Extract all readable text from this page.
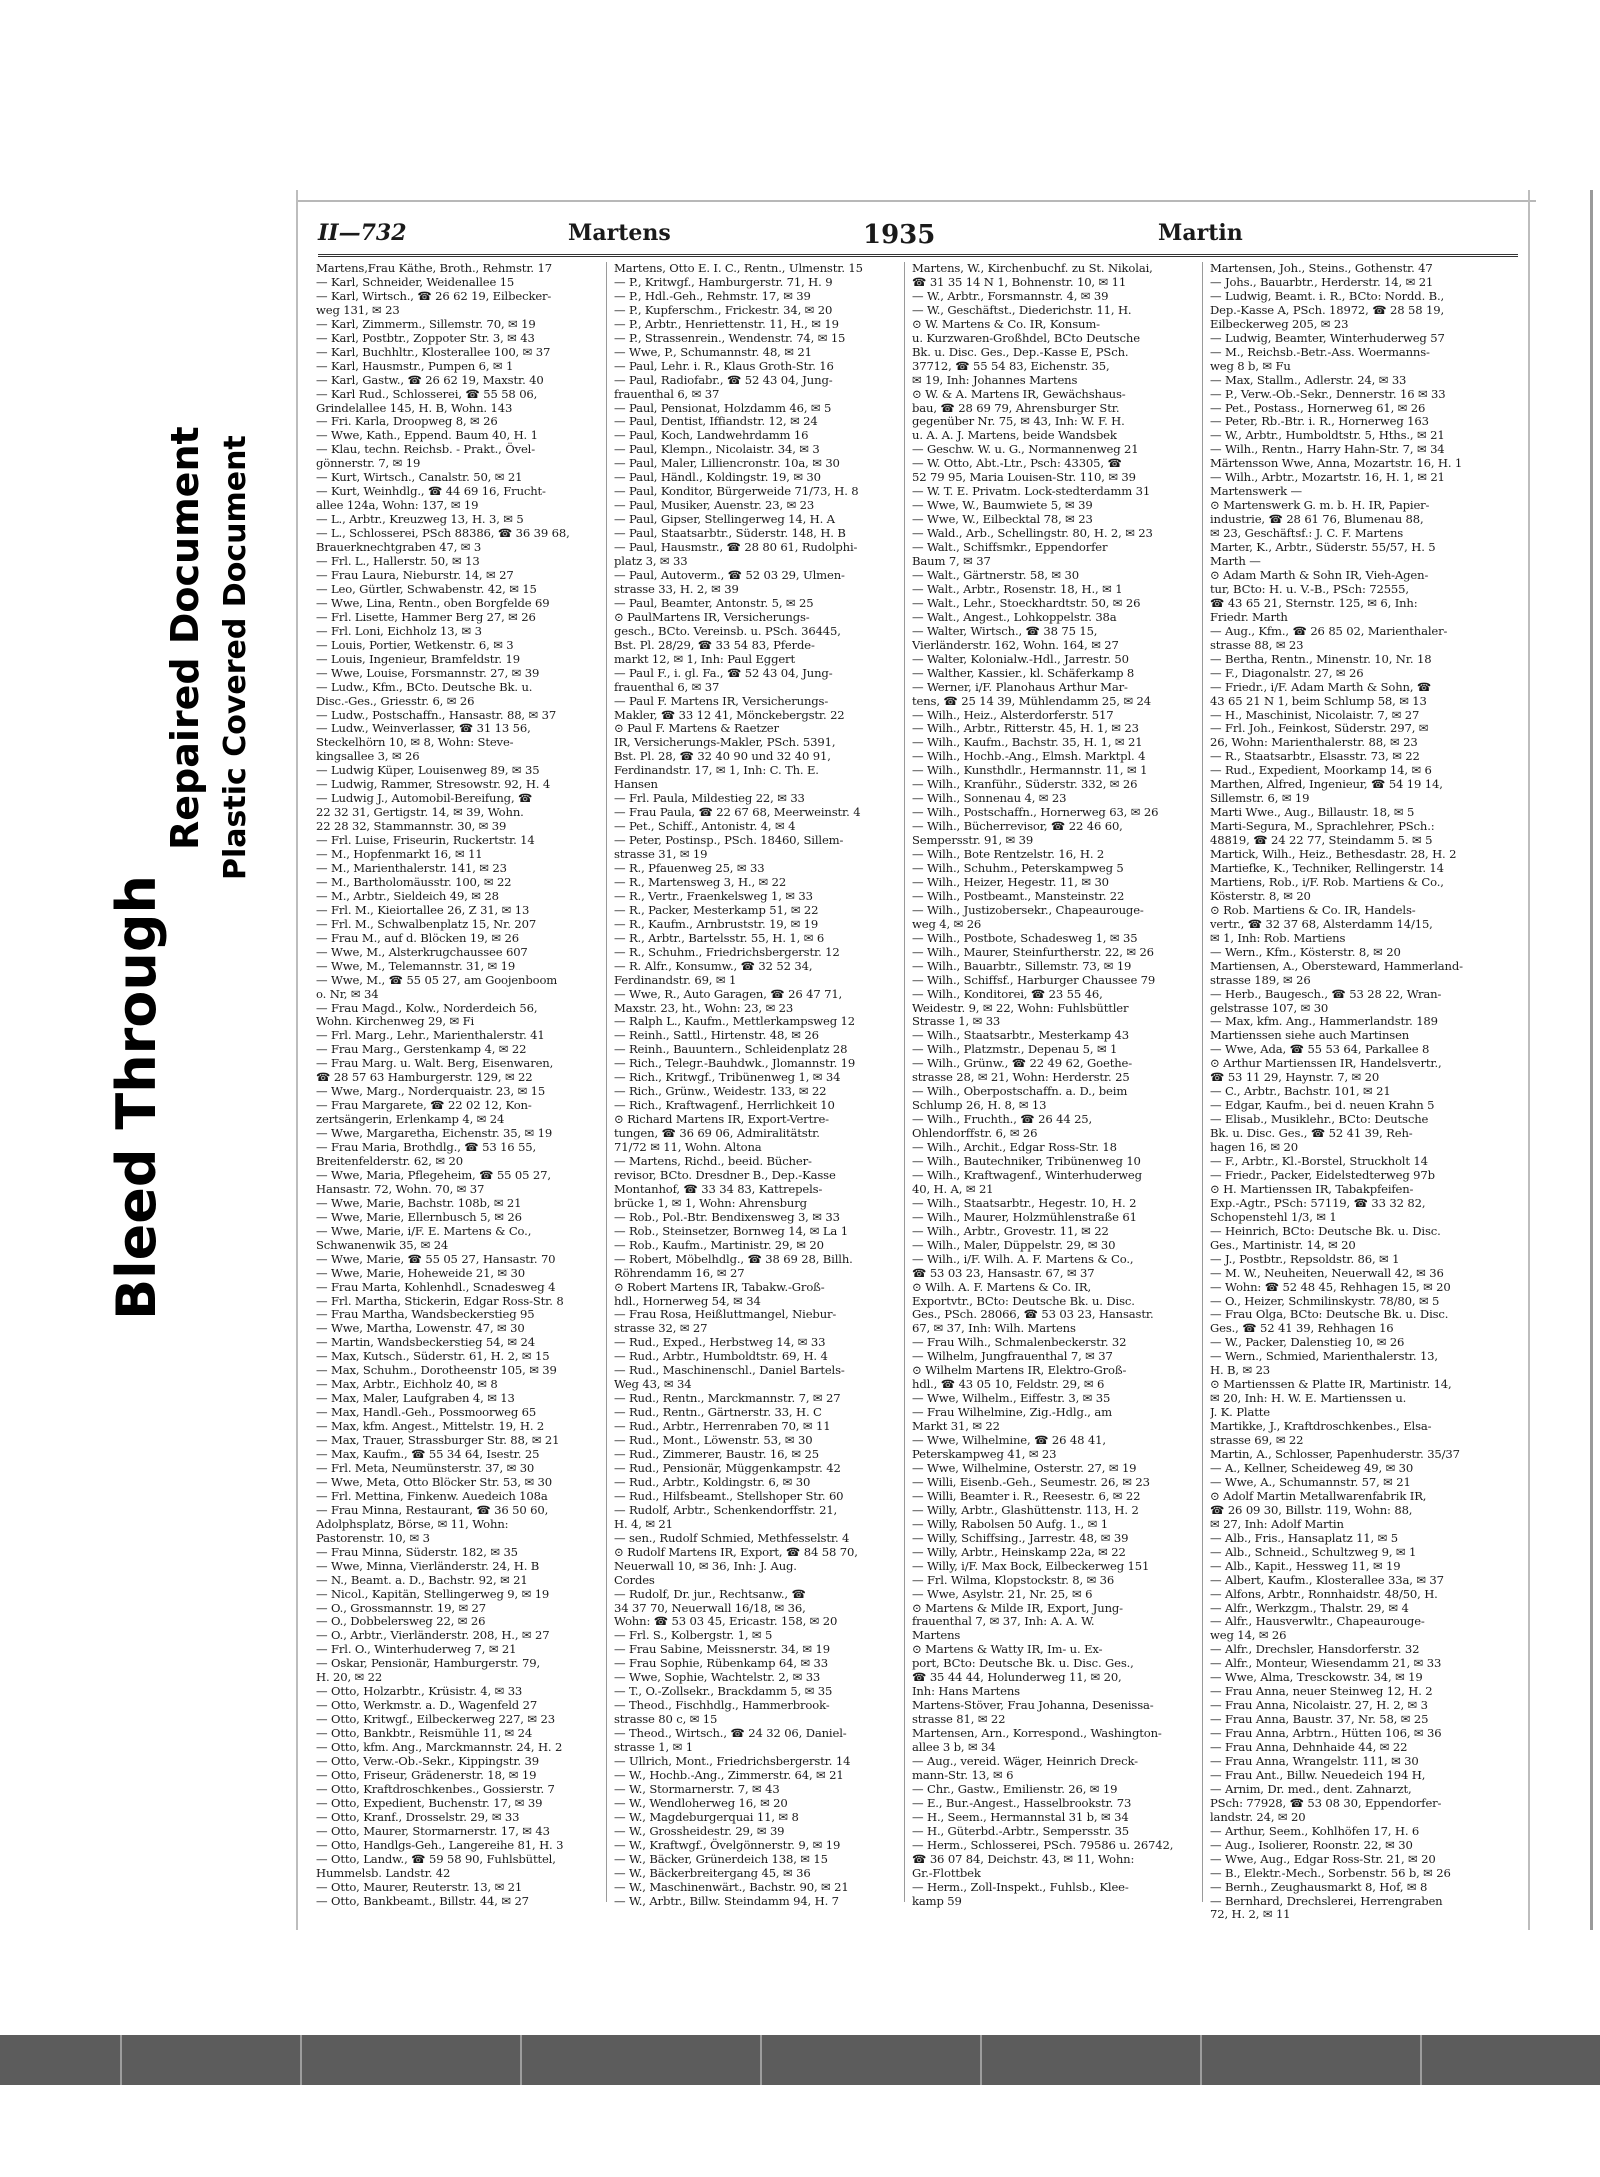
Bleed Through
Repaired Document Plastic Covered Document
II—732	Martens	1935	Martin

Martens,Frau Käthe, Broth., Rehmstr. 17

— Karl, Schneider, Weidenallee 15

— Karl, Wirtsch., ☎ 26 62 19, Eilbecker-

weg 131, ✉ 23

— Karl, Zimmerm., Sillemstr. 70, ✉ 19

— Karl, Postbtr., Zoppoter Str. 3, ✉ 43

— Karl, Buchhltr., Klosterallee 100, ✉ 37

— Karl, Hausmstr., Pumpen 6, ✉ 1

— Karl, Gastw., ☎ 26 62 19, Maxstr. 40

— Karl Rud., Schlosserei, ☎ 55 58 06,

Grindelallee 145, H. B, Wohn. 143

— Fri. Karla, Droopweg 8, ✉ 26

— Wwe, Kath., Eppend. Baum 40, H. 1

— Klau, techn. Reichsb. - Prakt., Övel-

gönnerstr. 7, ✉ 19

— Kurt, Wirtsch., Canalstr. 50, ✉ 21

— Kurt, Weinhdlg., ☎ 44 69 16, Frucht-

allee 124a, Wohn: 137, ✉ 19

— L., Arbtr., Kreuzweg 13, H. 3, ✉ 5

— L., Schlosserei, PSch 88386, ☎ 36 39 68,

Brauerknechtgraben 47, ✉ 3

— Frl. L., Hallerstr. 50, ✉ 13

— Frau Laura, Nieburstr. 14, ✉ 27

— Leo, Gürtler, Schwabenstr. 42, ✉ 15

— Wwe, Lina, Rentn., oben Borgfelde 69

— Frl. Lisette, Hammer Berg 27, ✉ 26

— Frl. Loni, Eichholz 13, ✉ 3

— Louis, Portier, Wetkenstr. 6, ✉ 3

— Louis, Ingenieur, Bramfeldstr. 19

— Wwe, Louise, Forsmannstr. 27, ✉ 39

— Ludw., Kfm., BCto. Deutsche Bk. u.

Disc.-Ges., Griesstr. 6, ✉ 26

— Ludw., Postschaffn., Hansastr. 88, ✉ 37

— Ludw., Weinverlasser, ☎ 31 13 56,

Steckelhörn 10, ✉ 8, Wohn: Steve-

kingsallee 3, ✉ 26

— Ludwig Küper, Louisenweg 89, ✉ 35

— Ludwig, Rammer, Stresowstr. 92, H. 4

— Ludwig J., Automobil-Bereifung, ☎

22 32 31, Gertigstr. 14, ✉ 39, Wohn.

22 28 32, Stammannstr. 30, ✉ 39

— Frl. Luise, Friseurin, Ruckertstr. 14

— M., Hopfenmarkt 16, ✉ 11

— M., Marienthalerstr. 141, ✉ 23

— M., Bartholomäusstr. 100, ✉ 22

— M., Arbtr., Sieldeich 49, ✉ 28

— Frl. M., Kieiortallee 26, Z 31, ✉ 13

— Frl. M., Schwalbenplatz 15, Nr. 207

— Frau M., auf d. Blöcken 19, ✉ 26

— Wwe, M., Alsterkrugchaussee 607

— Wwe, M., Telemannstr. 31, ✉ 19

— Wwe, M., ☎ 55 05 27, am Goojenboom

o. Nr, ✉ 34

— Frau Magd., Kolw., Norderdeich 56,

Wohn. Kirchenweg 29, ✉ Fi

— Frl. Marg., Lehr., Marienthalerstr. 41

— Frau Marg., Gerstenkamp 4, ✉ 22

— Frau Marg. u. Walt. Berg, Eisenwaren,

☎ 28 57 63 Hamburgerstr. 129, ✉ 22

— Wwe, Marg., Norderquaistr. 23, ✉ 15

— Frau Margarete, ☎ 22 02 12, Kon-

zertsängerin, Erlenkamp 4, ✉ 24

— Wwe, Margaretha, Eichenstr. 35, ✉ 19

— Frau Maria, Brothdlg., ☎ 53 16 55,

Breitenfelderstr. 62, ✉ 20

— Wwe, Maria, Pflegeheim, ☎ 55 05 27,

Hansastr. 72, Wohn. 70, ✉ 37

— Wwe, Marie, Bachstr. 108b, ✉ 21

— Wwe, Marie, Ellernbusch 5, ✉ 26

— Wwe, Marie, i/F. E. Martens & Co.,

Schwanenwik 35, ✉ 24

— Wwe, Marie, ☎ 55 05 27, Hansastr. 70

— Wwe, Marie, Hoheweide 21, ✉ 30

— Frau Marta, Kohlenhdl., Scnadesweg 4

— Frl. Martha, Stickerin, Edgar Ross-Str. 8

— Frau Martha, Wandsbeckerstieg 95

— Wwe, Martha, Lowenstr. 47, ✉ 30

— Martin, Wandsbeckerstieg 54, ✉ 24

— Max, Kutsch., Süderstr. 61, H. 2, ✉ 15

— Max, Schuhm., Dorotheenstr 105, ✉ 39

— Max, Arbtr., Eichholz 40, ✉ 8

— Max, Maler, Laufgraben 4, ✉ 13

— Max, Handl.-Geh., Possmoorweg 65

— Max, kfm. Angest., Mittelstr. 19, H. 2

— Max, Trauer, Strassburger Str. 88, ✉ 21

— Max, Kaufm., ☎ 55 34 64, Isestr. 25

— Frl. Meta, Neumünsterstr. 37, ✉ 30

— Wwe, Meta, Otto Blöcker Str. 53, ✉ 30

— Frl. Mettina, Finkenw. Auedeich 108a

— Frau Minna, Restaurant, ☎ 36 50 60,

Adolphsplatz, Börse, ✉ 11, Wohn:

Pastorenstr. 10, ✉ 3

— Frau Minna, Süderstr. 182, ✉ 35

— Wwe, Minna, Vierländerstr. 24, H. B

— N., Beamt. a. D., Bachstr. 92, ✉ 21

— Nicol., Kapitän, Stellingerweg 9, ✉ 19

— O., Grossmannstr. 19, ✉ 27

— O., Dobbelersweg 22, ✉ 26

— O., Arbtr., Vierländerstr. 208, H., ✉ 27

— Frl. O., Winterhuderweg 7, ✉ 21

— Oskar, Pensionär, Hamburgerstr. 79,

H. 20, ✉ 22

— Otto, Holzarbtr., Krüsistr. 4, ✉ 33

— Otto, Werkmstr. a. D., Wagenfeld 27

— Otto, Kritwgf., Eilbeckerweg 227, ✉ 23

— Otto, Bankbtr., Reismühle 11, ✉ 24

— Otto, kfm. Ang., Marckmannstr. 24, H. 2

— Otto, Verw.-Ob.-Sekr., Kippingstr. 39

— Otto, Friseur, Grädenerstr. 18, ✉ 19

— Otto, Kraftdroschkenbes., Gossierstr. 7

— Otto, Expedient, Buchenstr. 17, ✉ 39

— Otto, Kranf., Drosselstr. 29, ✉ 33

— Otto, Maurer, Stormarnerstr. 17, ✉ 43

— Otto, Handlgs-Geh., Langereihe 81, H. 3

— Otto, Landw., ☎ 59 58 90, Fuhlsbüttel,

Hummelsb. Landstr. 42

— Otto, Maurer, Reuterstr. 13, ✉ 21

— Otto, Bankbeamt., Billstr. 44, ✉ 27

Martens, Otto E. I. C., Rentn., Ulmenstr. 15

— P., Kritwgf., Hamburgerstr. 71, H. 9

— P., Hdl.-Geh., Rehmstr. 17, ✉ 39

— P., Kupferschm., Frickestr. 34, ✉ 20

— P., Arbtr., Henriettenstr. 11, H., ✉ 19

— P., Strassenrein., Wendenstr. 74, ✉ 15

— Wwe, P., Schumannstr. 48, ✉ 21

— Paul, Lehr. i. R., Klaus Groth-Str. 16

— Paul, Radiofabr., ☎ 52 43 04, Jung-

frauenthal 6, ✉ 37

— Paul, Pensionat, Holzdamm 46, ✉ 5

— Paul, Dentist, Iffiandstr. 12, ✉ 24

— Paul, Koch, Landwehrdamm 16

— Paul, Klempn., Nicolaistr. 34, ✉ 3

— Paul, Maler, Lilliencronstr. 10a, ✉ 30

— Paul, Händl., Koldingstr. 19, ✉ 30

— Paul, Konditor, Bürgerweide 71/73, H. 8

— Paul, Musiker, Auenstr. 23, ✉ 23

— Paul, Gipser, Stellingerweg 14, H. A

— Paul, Staatsarbtr., Süderstr. 148, H. B

— Paul, Hausmstr., ☎ 28 80 61, Rudolphi-

platz 3, ✉ 33

— Paul, Autoverm., ☎ 52 03 29, Ulmen-

strasse 33, H. 2, ✉ 39

— Paul, Beamter, Antonstr. 5, ✉ 25

⊙ PaulMartens IR, Versicherungs-

gesch., BCto. Vereinsb. u. PSch. 36445,

Bst. Pl. 28/29, ☎ 33 54 83, Pferde-

markt 12, ✉ 1, Inh: Paul Eggert

— Paul F., i. gl. Fa., ☎ 52 43 04, Jung-

frauenthal 6, ✉ 37

— Paul F. Martens IR, Versicherungs-

Makler, ☎ 33 12 41, Mönckebergstr. 22

⊙ Paul F. Martens & Raetzer

IR, Versicherungs-Makler, PSch. 5391,

Bst. Pl. 28, ☎ 32 40 90 und 32 40 91,

Ferdinandstr. 17, ✉ 1, Inh: C. Th. E.

Hansen

— Frl. Paula, Mildestieg 22, ✉ 33

— Frau Paula, ☎ 22 67 68, Meerweinstr. 4

— Pet., Schiff., Antonistr. 4, ✉ 4

— Peter, Postinsp., PSch. 18460, Sillem-

strasse 31, ✉ 19

— R., Pfauenweg 25, ✉ 33

— R., Martensweg 3, H., ✉ 22

— R., Vertr., Fraenkelsweg 1, ✉ 33

— R., Packer, Mesterkamp 51, ✉ 22

— R., Kaufm., Arnbruststr. 19, ✉ 19

— R., Arbtr., Bartelsstr. 55, H. 1, ✉ 6

— R., Schuhm., Friedrichsbergerstr. 12

— R. Alfr., Konsumw., ☎ 32 52 34,

Ferdinandstr. 69, ✉ 1

— Wwe, R., Auto Garagen, ☎ 26 47 71,

Maxstr. 23, ht., Wohn: 23, ✉ 23

— Ralph L., Kaufm., Mettlerkampsweg 12

— Reinh., Sattl., Hirtenstr. 48, ✉ 26

— Reinh., Bauuntern., Schleidenplatz 28

— Rich., Telegr.-Bauhdwk., Jlomannstr. 19

— Rich., Kritwgf., Tribünenweg 1, ✉ 34

— Rich., Grünw., Weidestr. 133, ✉ 22

— Rich., Kraftwagenf., Herrlichkeit 10

⊙ Richard Martens IR, Export-Vertre-

tungen, ☎ 36 69 06, Admiralitätstr.

71/72 ✉ 11, Wohn. Altona

— Martens, Richd., beeid. Bücher-

revisor, BCto. Dresdner B., Dep.-Kasse

Montanhof, ☎ 33 34 83, Kattrepels-

brücke 1, ✉ 1, Wohn: Ahrensburg

— Rob., Pol.-Btr. Bendixensweg 3, ✉ 33

— Rob., Steinsetzer, Bornweg 14, ✉ La 1

— Rob., Kaufm., Martinistr. 29, ✉ 20

— Robert, Möbelhdlg., ☎ 38 69 28, Billh.

Röhrendamm 16, ✉ 27

⊙ Robert Martens IR, Tabakw.-Groß-

hdl., Hornerweg 54, ✉ 34

— Frau Rosa, Heißluttmangel, Niebur-

strasse 32, ✉ 27

— Rud., Exped., Herbstweg 14, ✉ 33

— Rud., Arbtr., Humboldtstr. 69, H. 4

— Rud., Maschinenschl., Daniel Bartels-

Weg 43, ✉ 34

— Rud., Rentn., Marckmannstr. 7, ✉ 27

— Rud., Rentn., Gärtnerstr. 33, H. C

— Rud., Arbtr., Herrenraben 70, ✉ 11

— Rud., Mont., Löwenstr. 53, ✉ 30

— Rud., Zimmerer, Baustr. 16, ✉ 25

— Rud., Pensionär, Müggenkampstr. 42

— Rud., Arbtr., Koldingstr. 6, ✉ 30

— Rud., Hilfsbeamt., Stellshoper Str. 60

— Rudolf, Arbtr., Schenkendorffstr. 21,

H. 4, ✉ 21

— sen., Rudolf Schmied, Methfesselstr. 4

⊙ Rudolf Martens IR, Export, ☎ 84 58 70,

Neuerwall 10, ✉ 36, Inh: J. Aug.

Cordes

— Rudolf, Dr. jur., Rechtsanw., ☎

34 37 70, Neuerwall 16/18, ✉ 36,

Wohn: ☎ 53 03 45, Ericastr. 158, ✉ 20

— Frl. S., Kolbergstr. 1, ✉ 5

— Frau Sabine, Meissnerstr. 34, ✉ 19

— Frau Sophie, Rübenkamp 64, ✉ 33

— Wwe, Sophie, Wachtelstr. 2, ✉ 33

— T., O.-Zollsekr., Brackdamm 5, ✉ 35

— Theod., Fischhdlg., Hammerbrook-

strasse 80 c, ✉ 15

— Theod., Wirtsch., ☎ 24 32 06, Daniel-

strasse 1, ✉ 1

— Ullrich, Mont., Friedrichsbergerstr. 14

— W., Hochb.-Ang., Zimmerstr. 64, ✉ 21

— W., Stormarnerstr. 7, ✉ 43

— W., Wendloherweg 16, ✉ 20

— W., Magdeburgerquai 11, ✉ 8

— W., Grossheidestr. 29, ✉ 39

— W., Kraftwgf., Övelgönnerstr. 9, ✉ 19

— W., Bäcker, Grünerdeich 138, ✉ 15

— W., Bäckerbreitergang 45, ✉ 36

— W., Maschinenwärt., Bachstr. 90, ✉ 21

— W., Arbtr., Billw. Steindamm 94, H. 7

Martens, W., Kirchenbuchf. zu St. Nikolai,

☎ 31 35 14 N 1, Bohnenstr. 10, ✉ 11

— W., Arbtr., Forsmannstr. 4, ✉ 39

— W., Geschäftst., Diederichstr. 11, H.

⊙ W. Martens & Co. IR, Konsum-

u. Kurzwaren-Großhdel, BCto Deutsche

Bk. u. Disc. Ges., Dep.-Kasse E, PSch.

37712, ☎ 55 54 83, Eichenstr. 35,

✉ 19, Inh: Johannes Martens

⊙ W. & A. Martens IR, Gewächshaus-

bau, ☎ 28 69 79, Ahrensburger Str.

gegenüber Nr. 75, ✉ 43, Inh: W. F. H.

u. A. A. J. Martens, beide Wandsbek

— Geschw. W. u. G., Normannenweg 21

— W. Otto, Abt.-Ltr., Psch: 43305, ☎

52 79 95, Maria Louisen-Str. 110, ✉ 39

— W. T. E. Privatm. Lock-stedterdamm 31

— Wwe, W., Baumwiete 5, ✉ 39

— Wwe, W., Eilbecktal 78, ✉ 23

— Wald., Arb., Schellingstr. 80, H. 2, ✉ 23

— Walt., Schiffsmkr., Eppendorfer

Baum 7, ✉ 37

— Walt., Gärtnerstr. 58, ✉ 30

— Walt., Arbtr., Rosenstr. 18, H., ✉ 1

— Walt., Lehr., Stoeckhardtstr. 50, ✉ 26

— Walt., Angest., Lohkoppelstr. 38a

— Walter, Wirtsch., ☎ 38 75 15,

Vierländerstr. 162, Wohn. 164, ✉ 27

— Walter, Kolonialw.-Hdl., Jarrestr. 50

— Walther, Kassier., kl. Schäferkamp 8

— Werner, i/F. Planohaus Arthur Mar-

tens, ☎ 25 14 39, Mühlendamm 25, ✉ 24

— Wilh., Heiz., Alsterdorferstr. 517

— Wilh., Arbtr., Ritterstr. 45, H. 1, ✉ 23

— Wilh., Kaufm., Bachstr. 35, H. 1, ✉ 21

— Wilh., Hochb.-Ang., Elmsh. Marktpl. 4

— Wilh., Kunsthdlr., Hermannstr. 11, ✉ 1

— Wilh., Kranführ., Süderstr. 332, ✉ 26

— Wilh., Sonnenau 4, ✉ 23

— Wilh., Postschaffn., Hornerweg 63, ✉ 26

— Wilh., Bücherrevisor, ☎ 22 46 60,

Sempersstr. 91, ✉ 39

— Wilh., Bote Rentzelstr. 16, H. 2

— Wilh., Schuhm., Peterskampweg 5

— Wilh., Heizer, Hegestr. 11, ✉ 30

— Wilh., Postbeamt., Mansteinstr. 22

— Wilh., Justizobersekr., Chapeaurouge-

weg 4, ✉ 26

— Wilh., Postbote, Schadesweg 1, ✉ 35

— Wilh., Maurer, Steinfurtherstr. 22, ✉ 26

— Wilh., Bauarbtr., Sillemstr. 73, ✉ 19

— Wilh., Schiffsf., Harburger Chaussee 79

— Wilh., Konditorei, ☎ 23 55 46,

Weidestr. 9, ✉ 22, Wohn: Fuhlsbüttler

Strasse 1, ✉ 33

— Wilh., Staatsarbtr., Mesterkamp 43

— Wilh., Platzmstr., Depenau 5, ✉ 1

— Wilh., Grünw., ☎ 22 49 62, Goethe-

strasse 28, ✉ 21, Wohn: Herderstr. 25

— Wilh., Oberpostschaffn. a. D., beim

Schlump 26, H. 8, ✉ 13

— Wilh., Fruchth., ☎ 26 44 25,

Ohlendorffstr. 6, ✉ 26

— Wilh., Archit., Edgar Ross-Str. 18

— Wilh., Bautechniker, Tribünenweg 10

— Wilh., Kraftwagenf., Winterhuderweg

40, H. A, ✉ 21

— Wilh., Staatsarbtr., Hegestr. 10, H. 2

— Wilh., Maurer, Holzmühlenstraße 61

— Wilh., Arbtr., Grovestr. 11, ✉ 22

— Wilh., Maler, Düppelstr. 29, ✉ 30

— Wilh., i/F. Wilh. A. F. Martens & Co.,

☎ 53 03 23, Hansastr. 67, ✉ 37

⊙ Wilh. A. F. Martens & Co. IR,

Exportvtr., BCto: Deutsche Bk. u. Disc.

Ges., PSch. 28066, ☎ 53 03 23, Hansastr.

67, ✉ 37, Inh: Wilh. Martens

— Frau Wilh., Schmalenbeckerstr. 32

— Wilhelm, Jungfrauenthal 7, ✉ 37

⊙ Wilhelm Martens IR, Elektro-Groß-

hdl., ☎ 43 05 10, Feldstr. 29, ✉ 6

— Wwe, Wilhelm., Eiffestr. 3, ✉ 35

— Frau Wilhelmine, Zig.-Hdlg., am

Markt 31, ✉ 22

— Wwe, Wilhelmine, ☎ 26 48 41,

Peterskampweg 41, ✉ 23

— Wwe, Wilhelmine, Osterstr. 27, ✉ 19

— Willi, Eisenb.-Geh., Seumestr. 26, ✉ 23

— Willi, Beamter i. R., Reesestr. 6, ✉ 22

— Willy, Arbtr., Glashüttenstr. 113, H. 2

— Willy, Rabolsen 50 Aufg. 1., ✉ 1

— Willy, Schiffsing., Jarrestr. 48, ✉ 39

— Willy, Arbtr., Heinskamp 22a, ✉ 22

— Willy, i/F. Max Bock, Eilbeckerweg 151

— Frl. Wilma, Klopstockstr. 8, ✉ 36

— Wwe, Asylstr. 21, Nr. 25, ✉ 6

⊙ Martens & Milde IR, Export, Jung-

frauenthal 7, ✉ 37, Inh: A. A. W.

Martens

⊙ Martens & Watty IR, Im- u. Ex-

port, BCto: Deutsche Bk. u. Disc. Ges.,

☎ 35 44 44, Holunderweg 11, ✉ 20,

Inh: Hans Martens

Martens-Stöver, Frau Johanna, Desenissa-

strasse 81, ✉ 22

Martensen, Arn., Korrespond., Washington-

allee 3 b, ✉ 34

— Aug., vereid. Wäger, Heinrich Dreck-

mann-Str. 13, ✉ 6

— Chr., Gastw., Emilienstr. 26, ✉ 19

— E., Bur.-Angest., Hasselbrookstr. 73

— H., Seem., Hermannstal 31 b, ✉ 34

— H., Güterbd.-Arbtr., Sempersstr. 35

— Herm., Schlosserei, PSch. 79586 u. 26742,

☎ 36 07 84, Deichstr. 43, ✉ 11, Wohn:

Gr.-Flottbek

— Herm., Zoll-Inspekt., Fuhlsb., Klee-

kamp 59

Martensen, Joh., Steins., Gothenstr. 47

— Johs., Bauarbtr., Herderstr. 14, ✉ 21

— Ludwig, Beamt. i. R., BCto: Nordd. B.,

Dep.-Kasse A, PSch. 18972, ☎ 28 58 19,

Eilbeckerweg 205, ✉ 23

— Ludwig, Beamter, Winterhuderweg 57

— M., Reichsb.-Betr.-Ass. Woermanns-

weg 8 b, ✉ Fu

— Max, Stallm., Adlerstr. 24, ✉ 33

— P., Verw.-Ob.-Sekr., Dennerstr. 16 ✉ 33

— Pet., Postass., Hornerweg 61, ✉ 26

— Peter, Rb.-Btr. i. R., Hornerweg 163

— W., Arbtr., Humboldtstr. 5, Hths., ✉ 21

— Wilh., Rentn., Harry Hahn-Str. 7, ✉ 34

Märtensson Wwe, Anna, Mozartstr. 16, H. 1

— Wilh., Arbtr., Mozartstr. 16, H. 1, ✉ 21

Martenswerk —

⊙ Martenswerk G. m. b. H. IR, Papier-

industrie, ☎ 28 61 76, Blumenau 88,

✉ 23, Geschäftsf.: J. C. F. Martens

Marter, K., Arbtr., Süderstr. 55/57, H. 5

Marth —

⊙ Adam Marth & Sohn IR, Vieh-Agen-

tur, BCto: H. u. V.-B., PSch: 72555,

☎ 43 65 21, Sternstr. 125, ✉ 6, Inh:

Friedr. Marth

— Aug., Kfm., ☎ 26 85 02, Marienthaler-

strasse 88, ✉ 23

— Bertha, Rentn., Minenstr. 10, Nr. 18

— F., Diagonalstr. 27, ✉ 26

— Friedr., i/F. Adam Marth & Sohn, ☎

43 65 21 N 1, beim Schlump 58, ✉ 13

— H., Maschinist, Nicolaistr. 7, ✉ 27

— Frl. Joh., Feinkost, Süderstr. 297, ✉

26, Wohn: Marienthalerstr. 88, ✉ 23

— R., Staatsarbtr., Elsasstr. 73, ✉ 22

— Rud., Expedient, Moorkamp 14, ✉ 6

Marthen, Alfred, Ingenieur, ☎ 54 19 14,

Sillemstr. 6, ✉ 19

Marti Wwe., Aug., Billaustr. 18, ✉ 5

Marti-Segura, M., Sprachlehrer, PSch.:

48819, ☎ 24 22 77, Steindamm 5. ✉ 5

Martick, Wilh., Heiz., Bethesdastr. 28, H. 2

Martiefke, K., Techniker, Rellingerstr. 14

Martiens, Rob., i/F. Rob. Martiens & Co.,

Kösterstr. 8, ✉ 20

⊙ Rob. Martiens & Co. IR, Handels-

vertr., ☎ 32 37 68, Alsterdamm 14/15,

✉ 1, Inh: Rob. Martiens

— Wern., Kfm., Kösterstr. 8, ✉ 20

Martiensen, A., Obersteward, Hammerland-

strasse 189, ✉ 26

— Herb., Baugesch., ☎ 53 28 22, Wran-

gelstrasse 107, ✉ 30

— Max, kfm. Ang., Hammerlandstr. 189

Martienssen siehe auch Martinsen

— Wwe, Ada, ☎ 55 53 64, Parkallee 8

⊙ Arthur Martienssen IR, Handelsvertr.,

☎ 53 11 29, Haynstr. 7, ✉ 20

— C., Arbtr., Bachstr. 101, ✉ 21

— Edgar, Kaufm., bei d. neuen Krahn 5

— Elisab., Musiklehr., BCto: Deutsche

Bk. u. Disc. Ges., ☎ 52 41 39, Reh-

hagen 16, ✉ 20

— F., Arbtr., Kl.-Borstel, Struckholt 14

— Friedr., Packer, Eidelstedterweg 97b

⊙ H. Martienssen IR, Tabakpfeifen-

Exp.-Agtr., PSch: 57119, ☎ 33 32 82,

Schopenstehl 1/3, ✉ 1

— Heinrich, BCto: Deutsche Bk. u. Disc.

Ges., Martinistr. 14, ✉ 20

— J., Postbtr., Repsoldstr. 86, ✉ 1

— M. W., Neuheiten, Neuerwall 42, ✉ 36

— Wohn: ☎ 52 48 45, Rehhagen 15, ✉ 20

— O., Heizer, Schmilinskystr. 78/80, ✉ 5

— Frau Olga, BCto: Deutsche Bk. u. Disc.

Ges., ☎ 52 41 39, Rehhagen 16

— W., Packer, Dalenstieg 10, ✉ 26

— Wern., Schmied, Marienthalerstr. 13,

H. B, ✉ 23

⊙ Martienssen & Platte IR, Martinistr. 14,

✉ 20, Inh: H. W. E. Martienssen u.

J. K. Platte

Martikke, J., Kraftdroschkenbes., Elsa-

strasse 69, ✉ 22

Martin, A., Schlosser, Papenhuderstr. 35/37

— A., Kellner, Scheideweg 49, ✉ 30

— Wwe, A., Schumannstr. 57, ✉ 21

⊙ Adolf Martin Metallwarenfabrik IR,

☎ 26 09 30, Billstr. 119, Wohn: 88,

✉ 27, Inh: Adolf Martin

— Alb., Fris., Hansaplatz 11, ✉ 5

— Alb., Schneid., Schultzweg 9, ✉ 1

— Alb., Kapit., Hessweg 11, ✉ 19

— Albert, Kaufm., Klosterallee 33a, ✉ 37

— Alfons, Arbtr., Ronnhaidstr. 48/50, H.

— Alfr., Werkzgm., Thalstr. 29, ✉ 4

— Alfr., Hausverwltr., Chapeaurouge-

weg 14, ✉ 26

— Alfr., Drechsler, Hansdorferstr. 32

— Alfr., Monteur, Wiesendamm 21, ✉ 33

— Wwe, Alma, Tresckowstr. 34, ✉ 19

— Frau Anna, neuer Steinweg 12, H. 2

— Frau Anna, Nicolaistr. 27, H. 2, ✉ 3

— Frau Anna, Baustr. 37, Nr. 58, ✉ 25

— Frau Anna, Arbtrn., Hütten 106, ✉ 36

— Frau Anna, Dehnhaide 44, ✉ 22

— Frau Anna, Wrangelstr. 111, ✉ 30

— Frau Ant., Billw. Neuedeich 194 H,

— Arnim, Dr. med., dent. Zahnarzt,

PSch: 77928, ☎ 53 08 30, Eppendorfer-

landstr. 24, ✉ 20

— Arthur, Seem., Kohlhöfen 17, H. 6

— Aug., Isolierer, Roonstr. 22, ✉ 30

— Wwe, Aug., Edgar Ross-Str. 21, ✉ 20

— B., Elektr.-Mech., Sorbenstr. 56 b, ✉ 26

— Bernh., Zeughausmarkt 8, Hof, ✉ 8

— Bernhard, Drechslerei, Herrengraben

72, H. 2, ✉ 11
